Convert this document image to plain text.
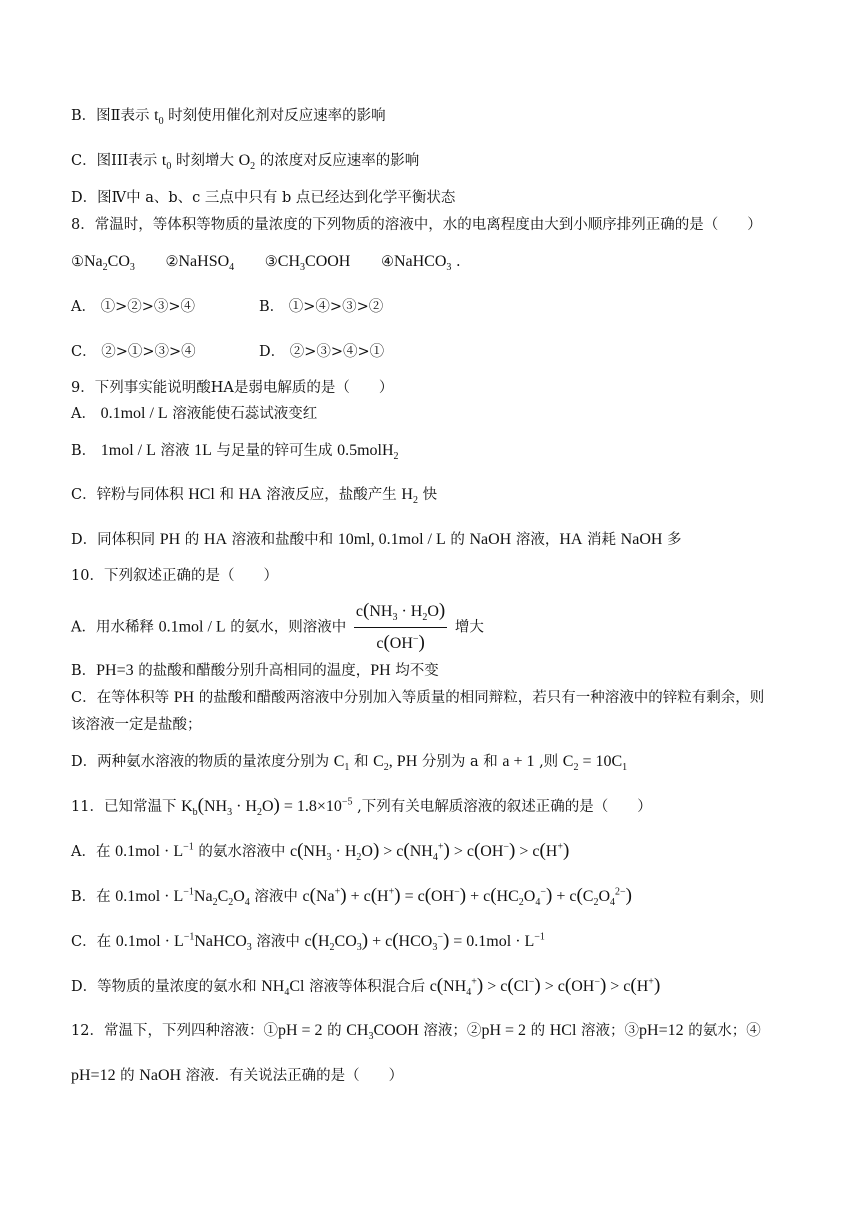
B．图Ⅱ表示 $t_0$ 时刻使用催化剂对反应速率的影响
C．图III表示 $t_0$ 时刻增大 $O_2$ 的浓度对反应速率的影响
D．图Ⅳ中 a、b、c 三点中只有 b 点已经达到化学平衡状态
8．常温时，等体积等物质的量浓度的下列物质的溶液中，水的电离程度由大到小顺序排列正确的是（　　）
$①Na_2CO_3$ ②NaHSO$_4$ $③CH_3COOH$ ④NaHCO$_3$ .
A． ①>②>③>④	B． ①>④>③>②
C． ②>①>③>④	D． ②>③>④>①
9．下列事实能说明酸HA是弱电解质的是（　　）
A． 0.1mol / L 溶液能使石蕊试液变红
B． 1mol / L 溶液 1L 与足量的锌可生成 0.5molH$_2$
C．锌粉与同体积 HCl 和 HA 溶液反应，盐酸产生 $H_2$ 快
D．同体积同 PH 的 HA 溶液和盐酸中和 10ml, 0.1mol / L 的 NaOH 溶液，HA 消耗 NaOH 多
10．下列叙述正确的是（　　）
A．用水稀释 0.1mol / L 的氨水，则溶液中 $\frac{c(NH_3 \cdot H_2O)}{c(OH^-)}$ 增大
B．PH=3 的盐酸和醋酸分别升高相同的温度，PH 均不变
C．在等体积等 PH 的盐酸和醋酸两溶液中分别加入等质量的相同辩粒，若只有一种溶液中的锌粒有剩余，则
该溶液一定是盐酸；
D．两种氨水溶液的物质的量浓度分别为 $C_1$ 和 $C_2$, PH 分别为 a 和 a + 1 ,则 $C_2 = 10C_1$
11．已知常温下 $K_b(NH_3 \cdot H_2O) = 1.8\times 10^{-5}$ ,下列有关电解质溶液的叙述正确的是（　　）
A．在 $0.1mol \cdot L^{-1}$ 的氨水溶液中 $c(NH_3 \cdot H_2O) > c(NH_4^+) > c(OH^-) > c(H^+)$
B．在 $0.1mol \cdot L^{-1}Na_2C_2O_4$ 溶液中 $c(Na^+) + c(H^+) = c(OH^-) + c(HC_2O_4^-) + c(C_2O_4^{2-})$
C．在 $0.1mol \cdot L^{-1}NaHCO_3$ 溶液中 $c(H_2CO_3) + c(HCO_3^-) = 0.1mol \cdot L^{-1}$
D．等物质的量浓度的氨水和 $NH_4Cl$ 溶液等体积混合后 $c(NH_4^+) > c(Cl^-) > c(OH^-) > c(H^+)$
12．常温下，下列四种溶液：①pH = 2 的 $CH_3COOH$ 溶液；②pH = 2 的 HCl 溶液；③pH=12 的氨水；④
pH=12 的 NaOH 溶液．有关说法正确的是（　　）
